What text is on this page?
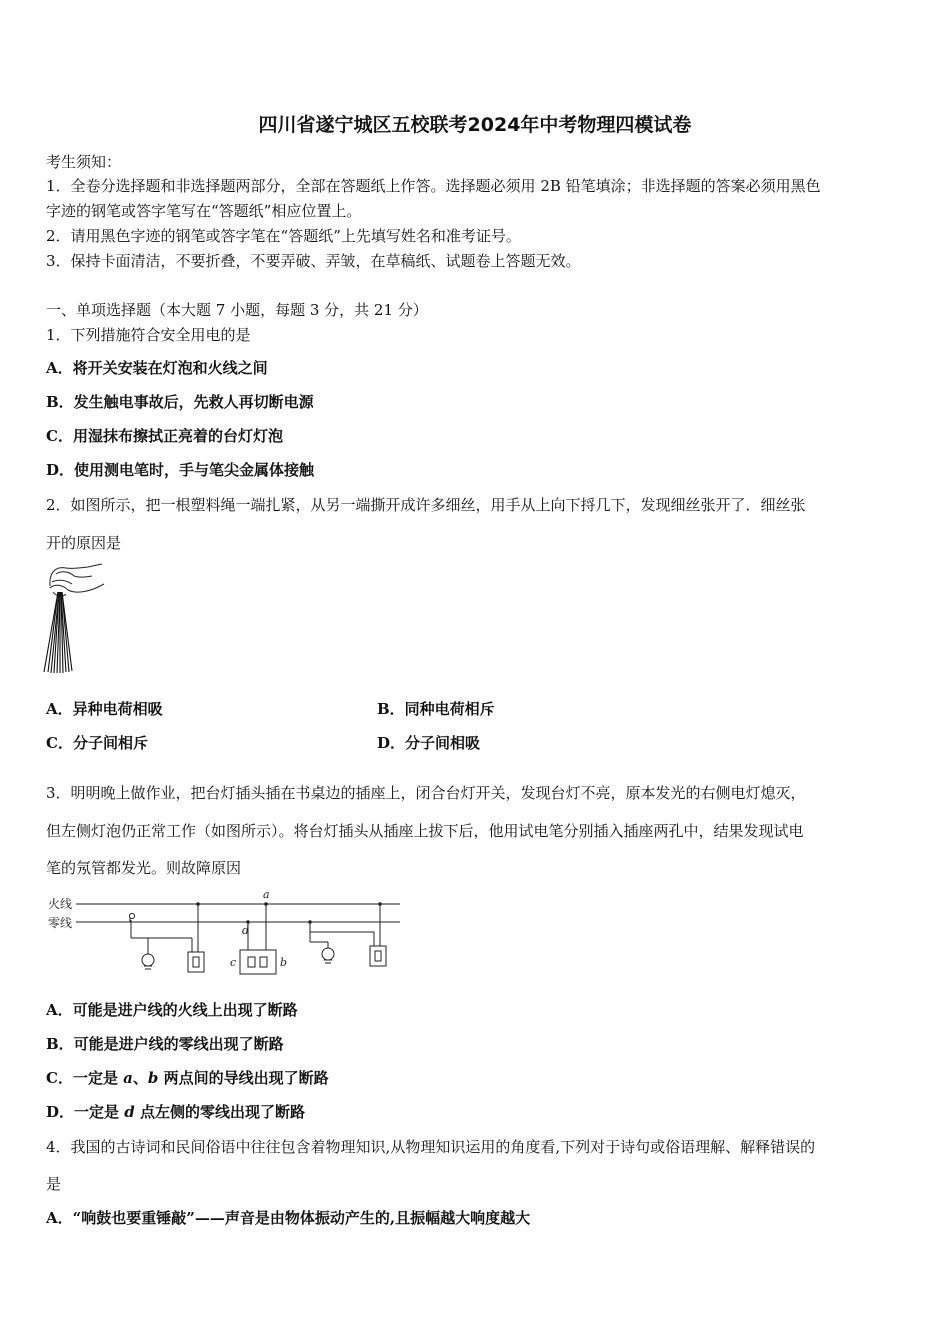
四川省遂宁城区五校联考2024年中考物理四模试卷
考生须知：
1．全卷分选择题和非选择题两部分，全部在答题纸上作答。选择题必须用 2B 铅笔填涂；非选择题的答案必须用黑色
字迹的钢笔或答字笔写在“答题纸”相应位置上。
2．请用黑色字迹的钢笔或答字笔在“答题纸”上先填写姓名和准考证号。
3．保持卡面清洁，不要折叠，不要弄破、弄皱，在草稿纸、试题卷上答题无效。
一、单项选择题（本大题 7 小题，每题 3 分，共 21 分）
1．下列措施符合安全用电的是
A．将开关安装在灯泡和火线之间
B．发生触电事故后，先救人再切断电源
C．用湿抹布擦拭正亮着的台灯灯泡
D．使用测电笔时，手与笔尖金属体接触
2．如图所示，把一根塑料绳一端扎紧，从另一端撕开成许多细丝，用手从上向下捋几下，发现细丝张开了．细丝张
开的原因是
A．异种电荷相吸	B．同种电荷相斥
C．分子间相斥	D．分子间相吸
3．明明晚上做作业，把台灯插头插在书桌边的插座上，闭合台灯开关，发现台灯不亮，原本发光的右侧电灯熄灭，
但左侧灯泡仍正常工作（如图所示）。将台灯插头从插座上拔下后，他用试电笔分别插入插座两孔中，结果发现试电
笔的氖管都发光。则故障原因
火线
零线
a
b
c
d
A．可能是进户线的火线上出现了断路
B．可能是进户线的零线出现了断路
C．一定是 a、b 两点间的导线出现了断路
D．一定是 d 点左侧的零线出现了断路
4．我国的古诗词和民间俗语中往往包含着物理知识,从物理知识运用的角度看,下列对于诗句或俗语理解、解释错误的
是
A．“响鼓也要重锤敲”——声音是由物体振动产生的,且振幅越大响度越大
